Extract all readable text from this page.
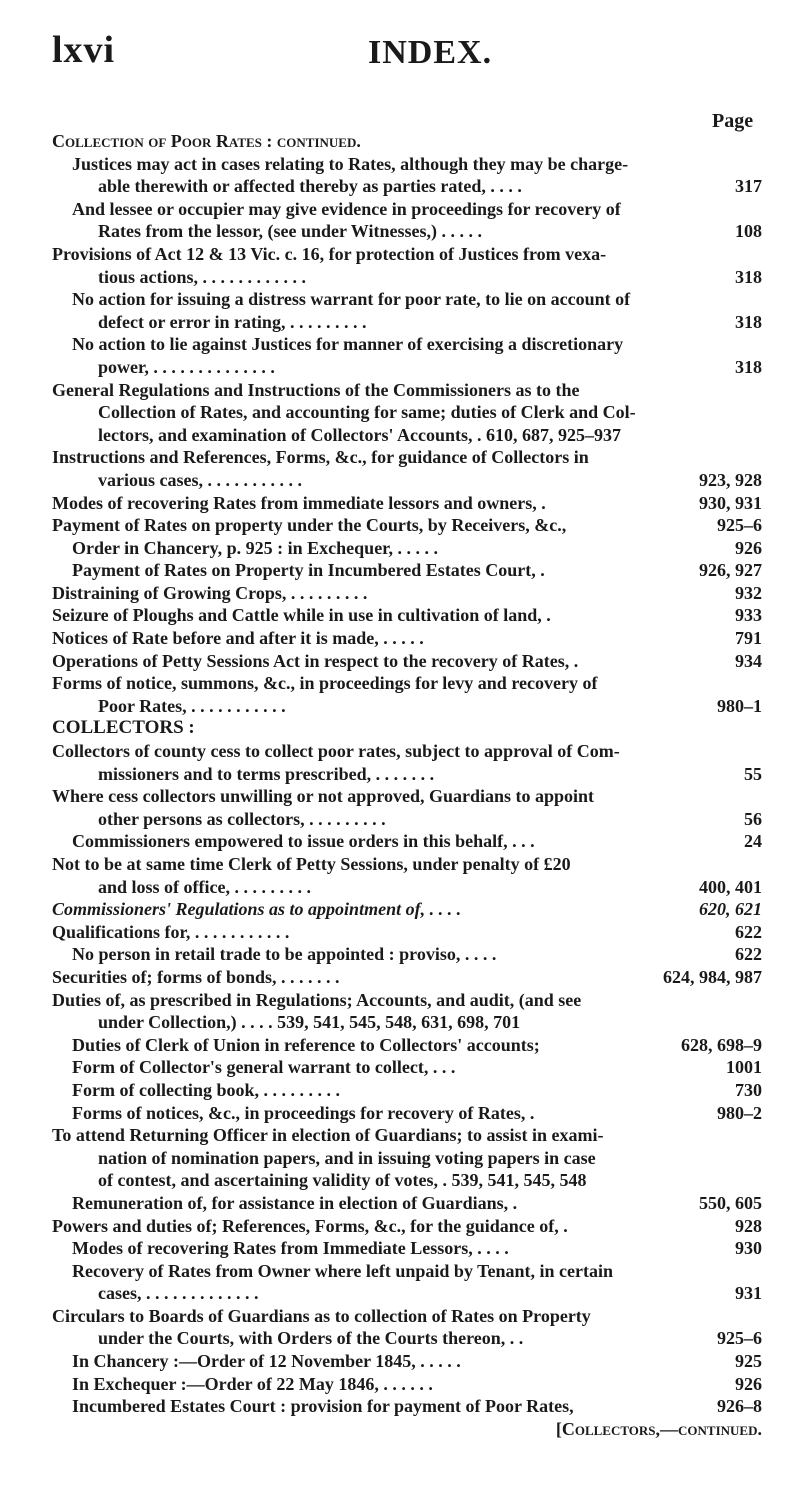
lxvi	INDEX.
Page
Collection of Poor Rates : continued.
Justices may act in cases relating to Rates, although they may be charge-
able therewith or affected thereby as parties rated, . . . .	317
And lessee or occupier may give evidence in proceedings for recovery of
Rates from the lessor, (see under Witnesses,) . . . . .	108
Provisions of Act 12 & 13 Vic. c. 16, for protection of Justices from vexa-
tious actions, . . . . . . . . . . . .	318
No action for issuing a distress warrant for poor rate, to lie on account of
defect or error in rating, . . . . . . . . .	318
No action to lie against Justices for manner of exercising a discretionary
power, . . . . . . . . . . . . . .	318
General Regulations and Instructions of the Commissioners as to the
Collection of Rates, and accounting for same; duties of Clerk and Col-
lectors, and examination of Collectors' Accounts, . 610, 687, 925–937
Instructions and References, Forms, &c., for guidance of Collectors in
various cases, . . . . . . . . . . .	923, 928
Modes of recovering Rates from immediate lessors and owners, .	930, 931
Payment of Rates on property under the Courts, by Receivers, &c.,	925–6
Order in Chancery, p. 925 : in Exchequer, . . . . .	926
Payment of Rates on Property in Incumbered Estates Court, .	926, 927
Distraining of Growing Crops, . . . . . . . . .	932
Seizure of Ploughs and Cattle while in use in cultivation of land, .	933
Notices of Rate before and after it is made, . . . . .	791
Operations of Petty Sessions Act in respect to the recovery of Rates, .	934
Forms of notice, summons, &c., in proceedings for levy and recovery of
Poor Rates, . . . . . . . . . . .	980–1
COLLECTORS :
Collectors of county cess to collect poor rates, subject to approval of Com-
missioners and to terms prescribed, . . . . . . .	55
Where cess collectors unwilling or not approved, Guardians to appoint
other persons as collectors, . . . . . . . . .	56
Commissioners empowered to issue orders in this behalf, . . .	24
Not to be at same time Clerk of Petty Sessions, under penalty of £20
and loss of office, . . . . . . . . .	400, 401
Commissioners' Regulations as to appointment of, . . . .	620, 621
Qualifications for, . . . . . . . . . . .	622
No person in retail trade to be appointed : proviso, . . . .	622
Securities of; forms of bonds, . . . . . . .	624, 984, 987
Duties of, as prescribed in Regulations; Accounts, and audit, (and see
under Collection,) . . . . 539, 541, 545, 548, 631, 698, 701
Duties of Clerk of Union in reference to Collectors' accounts;	628, 698–9
Form of Collector's general warrant to collect, . . .	1001
Form of collecting book, . . . . . . . . .	730
Forms of notices, &c., in proceedings for recovery of Rates, .	980–2
To attend Returning Officer in election of Guardians; to assist in exami-
nation of nomination papers, and in issuing voting papers in case
of contest, and ascertaining validity of votes, . 539, 541, 545, 548
Remuneration of, for assistance in election of Guardians, .	550, 605
Powers and duties of; References, Forms, &c., for the guidance of, .	928
Modes of recovering Rates from Immediate Lessors, . . . .	930
Recovery of Rates from Owner where left unpaid by Tenant, in certain
cases, . . . . . . . . . . . . .	931
Circulars to Boards of Guardians as to collection of Rates on Property
under the Courts, with Orders of the Courts thereon, . .	925–6
In Chancery :—Order of 12 November 1845, . . . . .	925
In Exchequer :—Order of 22 May 1846, . . . . . .	926
Incumbered Estates Court : provision for payment of Poor Rates,	926–8
[Collectors,—continued.
